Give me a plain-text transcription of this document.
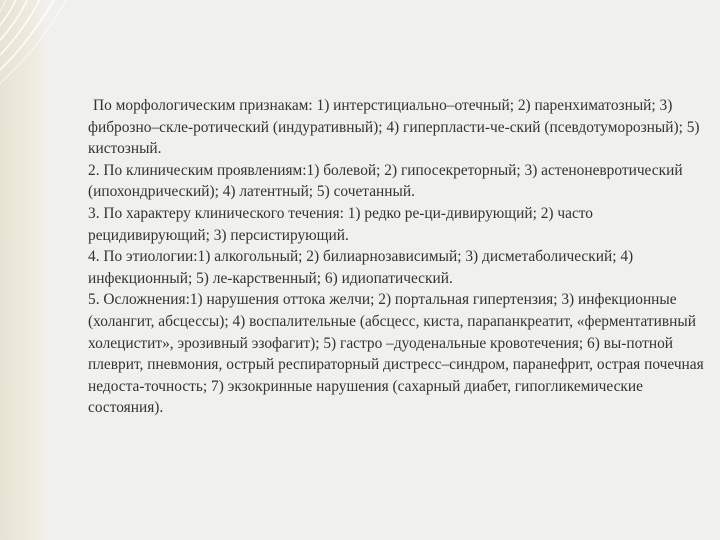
По морфологическим признакам: 1) интерстициально–отечный; 2) паренхиматозный; 3) фиброзно–скле-ротический (индуративный); 4) гиперпласти-че-ский (псевдотуморозный); 5) кистозный.

2. По клиническим проявлениям:1) болевой; 2) гипосекреторный; 3) астеноневротический (ипохондрический); 4) латентный; 5) сочетанный.

3. По характеру клинического течения: 1) редко ре-ци-дивирующий; 2) часто рецидивирующий; 3) персистирующий.

4. По этиологии:1) алкогольный; 2) билиарнозависимый; 3) дисметаболический; 4) инфекционный; 5) ле-карственный; 6) идиопатический.

5. Осложнения:1) нарушения оттока желчи; 2) портальная гипертензия; 3) инфекционные (холангит, абсцессы); 4) воспалительные (абсцесс, киста, парапанкреатит, «ферментативный холецистит», эрозивный эзофагит); 5) гастро –дуоденальные кровотечения; 6) вы-потной плеврит, пневмония, острый респираторный дистресс–синдром, паранефрит, острая почечная недоста-точность; 7) экзокринные нарушения (сахарный диабет, гипогликемические состояния).
